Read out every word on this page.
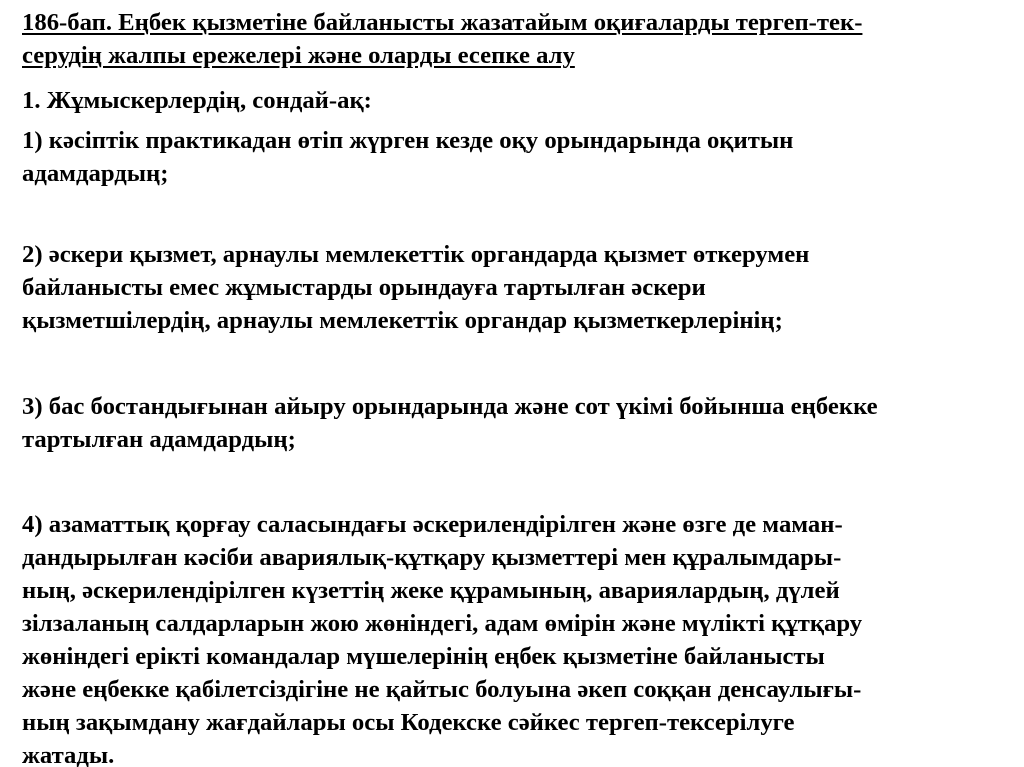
186-бап. Еңбек қызметіне байланысты жазатайым оқиғаларды тергеп-тек-
серудің жалпы ережелері және оларды есепке алу
1. Жұмыскерлердің, сондай-ақ:
1) кәсіптік практикадан өтіп жүрген кезде оқу орындарында оқитын
адамдардың;
2) әскери қызмет, арнаулы мемлекеттік органдарда қызмет өткерумен
байланысты емес жұмыстарды орындауға тартылған әскери
қызметшілердің, арнаулы мемлекеттік органдар қызметкерлерінің;
3) бас бостандығынан айыру орындарында және сот үкімі бойынша еңбекке
тартылған адамдардың;
4) азаматтық қорғау саласындағы әскерилендірілген және өзге де маман-
дандырылған кәсіби авариялық-құтқару қызметтері мен құралымдары-
ның, әскерилендірілген күзеттің жеке құрамының, авариялардың, дүлей
зілзаланың салдарларын жою жөніндегі, адам өмірін және мүлікті құтқару
жөніндегі ерікті командалар мүшелерінің еңбек қызметіне байланысты
және еңбекке қабілетсіздігіне не қайтыс болуына әкеп соққан денсаулығы-
ның зақымдану жағдайлары осы Кодекске сәйкес тергеп-тексерілуге
жатады.
